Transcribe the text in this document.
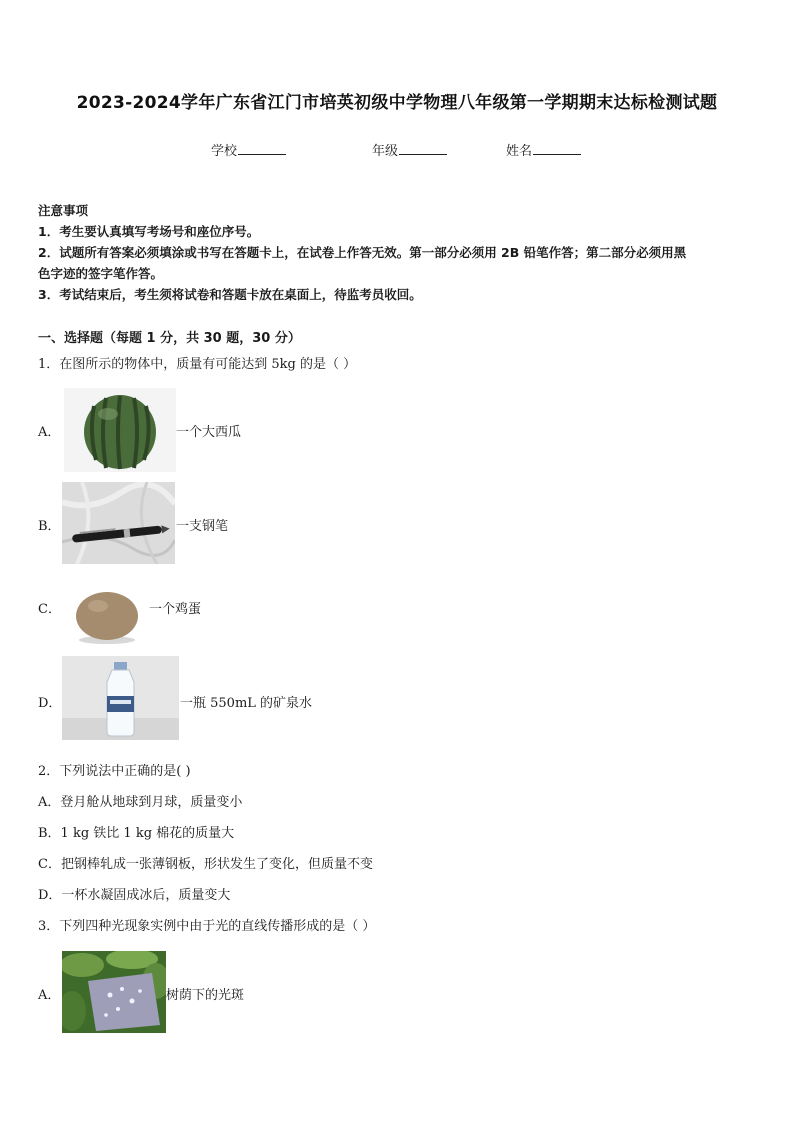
2023-2024学年广东省江门市培英初级中学物理八年级第一学期期末达标检测试题
学校	年级	姓名
注意事项
1．考生要认真填写考场号和座位序号。
2．试题所有答案必须填涂或书写在答题卡上，在试卷上作答无效。第一部分必须用 2B 铅笔作答；第二部分必须用黑
色字迹的签字笔作答。
3．考试结束后，考生须将试卷和答题卡放在桌面上，待监考员收回。
一、选择题（每题 1 分，共 30 题，30 分）
1．在图所示的物体中，质量有可能达到 5kg 的是（ ）
A．	一个大西瓜
B．	一支钢笔
C．	一个鸡蛋
D．	一瓶 550mL 的矿泉水
2．下列说法中正确的是( )
A．登月舱从地球到月球，质量变小
B．1 kg 铁比 1 kg 棉花的质量大
C．把钢棒轧成一张薄钢板，形状发生了变化，但质量不变
D．一杯水凝固成冰后，质量变大
3．下列四种光现象实例中由于光的直线传播形成的是（ ）
A．	树荫下的光斑
